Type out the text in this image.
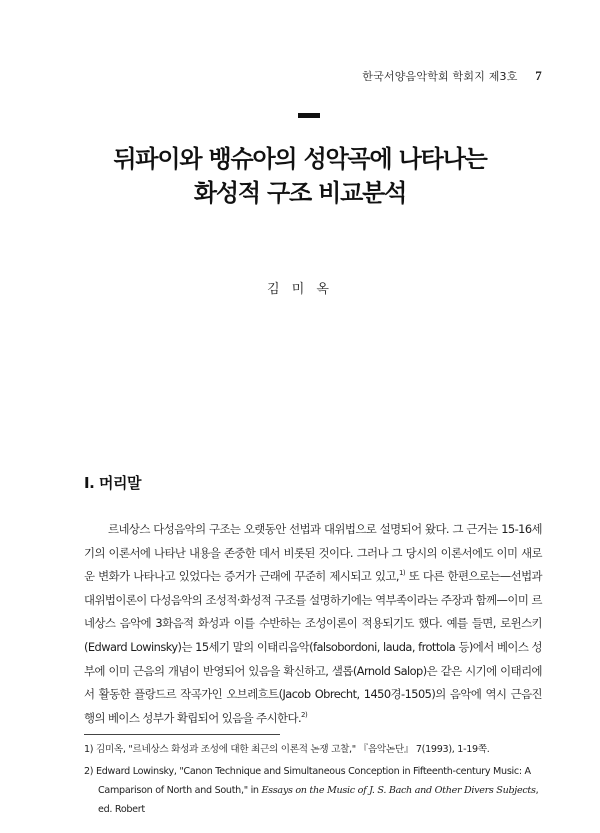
한국서양음악학회 학회지 제3호 7
뒤파이와 뱅슈아의 성악곡에 나타나는
화성적 구조 비교분석
김 미 옥
I. 머리말

르네상스 다성음악의 구조는 오랫동안 선법과 대위법으로 설명되어 왔다. 그 근거는 15-16세기의 이론서에 나타난 내용을 존중한 데서 비롯된 것이다. 그러나 그 당시의 이론서에도 이미 새로운 변화가 나타나고 있었다는 증거가 근래에 꾸준히 제시되고 있고,$^{1)}$ 또 다른 한편으로는—선법과 대위법이론이 다성음악의 조성적·화성적 구조를 설명하기에는 역부족이라는 주장과 함께—이미 르네상스 음악에 3화음적 화성과 이를 수반하는 조성이론이 적용되기도 했다. 예를 들면, 로윈스키(Edward Lowinsky)는 15세기 말의 이태리음악(falsobordoni, lauda, frottola 등)에서 베이스 성부에 이미 근음의 개념이 반영되어 있음을 확신하고, 샐롭(Arnold Salop)은 같은 시기에 이태리에서 활동한 플랑드르 작곡가인 오브레흐트(Jacob Obrecht, 1450경-1505)의 음악에 역시 근음진행의 베이스 성부가 확립되어 있음을 주시한다.$^{2)}$

1) 김미옥, "르네상스 화성과 조성에 대한 최근의 이론적 논쟁 고찰," 『음악논단』 7(1993), 1-19쪽.

2) Edward Lowinsky, "Canon Technique and Simultaneous Conception in Fifteenth-century Music: A Camparison of North and South," in Essays on the Music of J. S. Bach and Other Divers Subjects, ed. Robert
